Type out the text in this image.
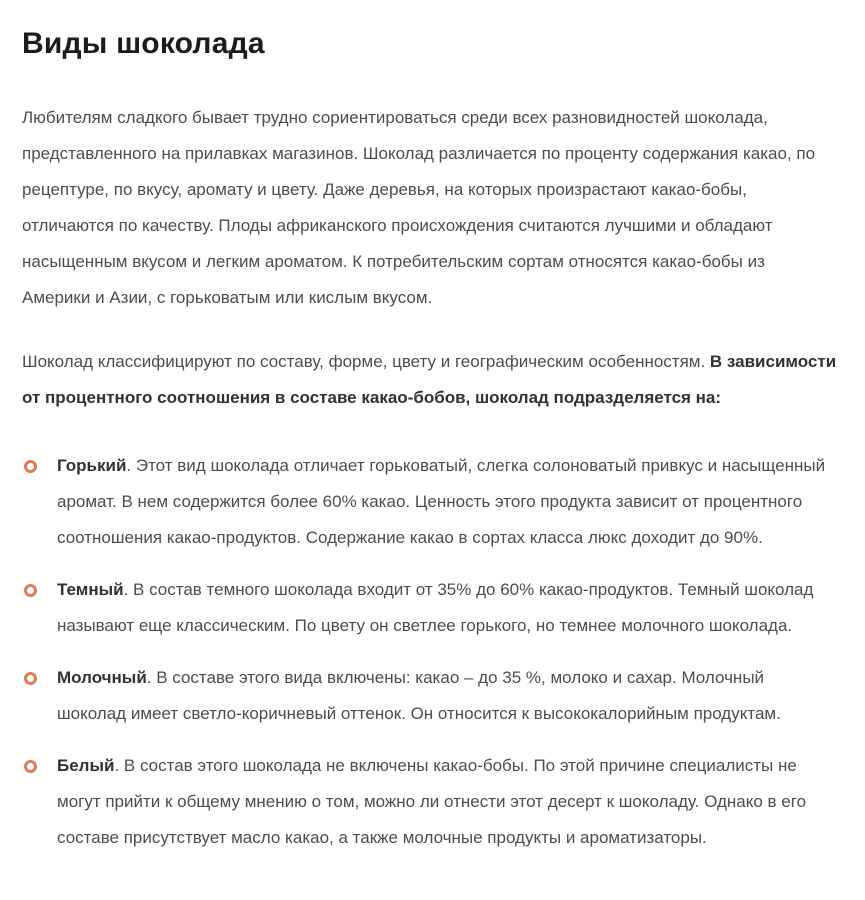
Виды шоколада

Любителям сладкого бывает трудно сориентироваться среди всех разновидностей шоколада, представленного на прилавках магазинов. Шоколад различается по проценту содержания какао, по рецептуре, по вкусу, аромату и цвету. Даже деревья, на которых произрастают какао-бобы, отличаются по качеству. Плоды африканского происхождения считаются лучшими и обладают насыщенным вкусом и легким ароматом. К потребительским сортам относятся какао-бобы из Америки и Азии, с горьковатым или кислым вкусом.

Шоколад классифицируют по составу, форме, цвету и географическим особенностям. В зависимости от процентного соотношения в составе какао-бобов, шоколад подразделяется на:

Горький. Этот вид шоколада отличает горьковатый, слегка солоноватый привкус и насыщенный аромат. В нем содержится более 60% какао. Ценность этого продукта зависит от процентного соотношения какао-продуктов. Содержание какао в сортах класса люкс доходит до 90%.
Темный. В состав темного шоколада входит от 35% до 60% какао-продуктов. Темный шоколад называют еще классическим. По цвету он светлее горького, но темнее молочного шоколада.
Молочный. В составе этого вида включены: какао – до 35 %, молоко и сахар. Молочный шоколад имеет светло-коричневый оттенок. Он относится к высококалорийным продуктам.
Белый. В состав этого шоколада не включены какао-бобы. По этой причине специалисты не могут прийти к общему мнению о том, можно ли отнести этот десерт к шоколаду. Однако в его составе присутствует масло какао, а также молочные продукты и ароматизаторы.
